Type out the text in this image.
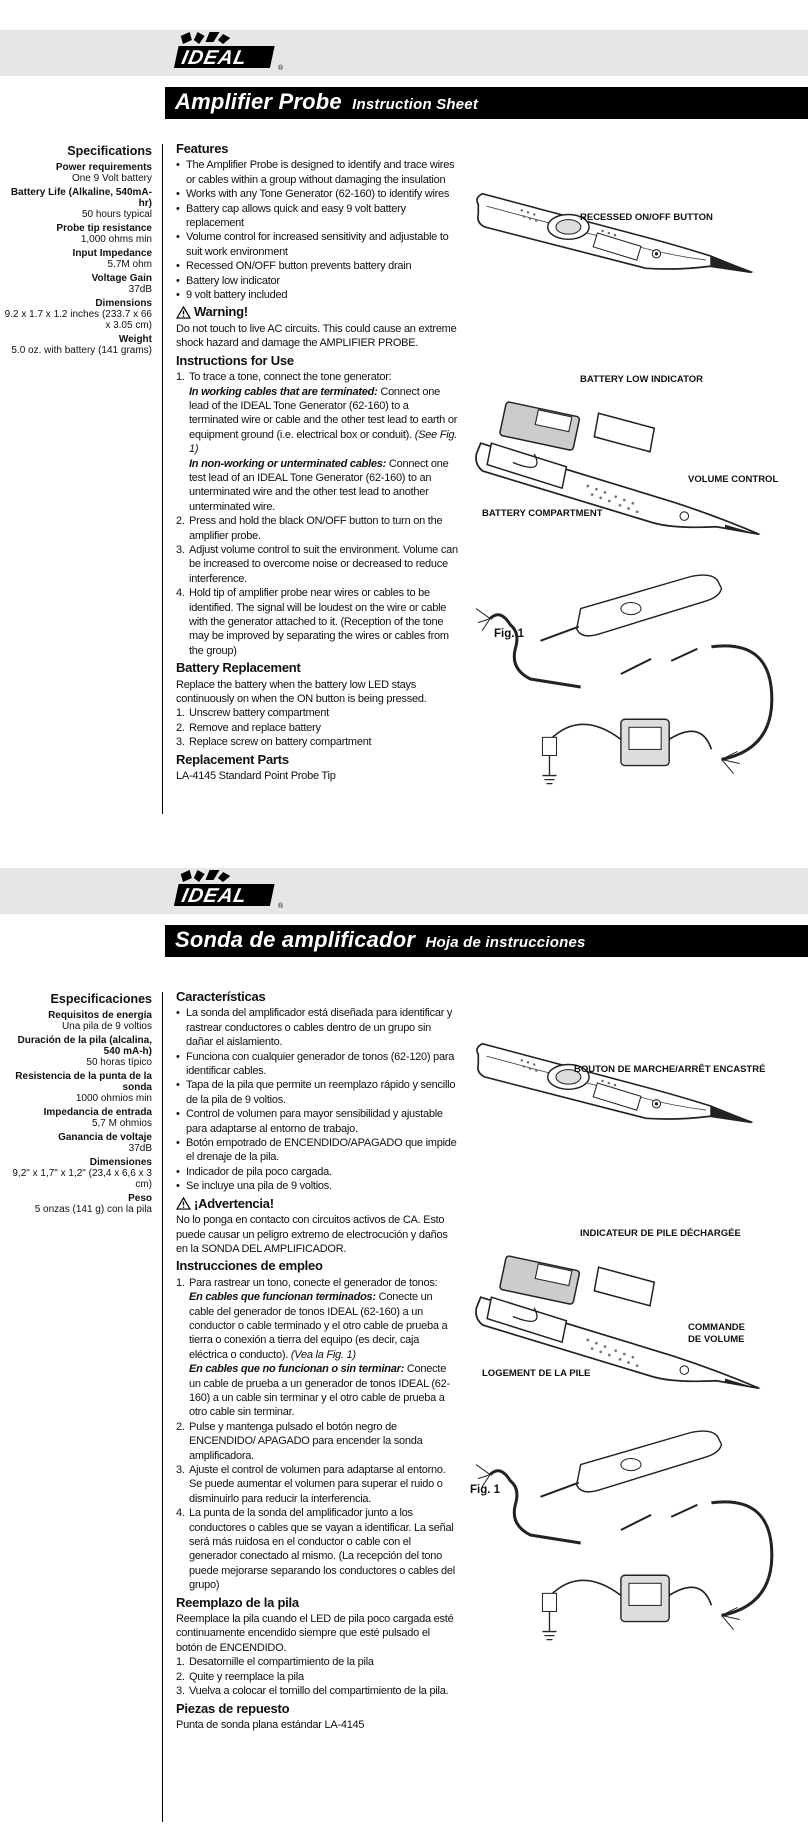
IDEAL	®
Amplifier Probe Instruction Sheet
Specifications
Power requirements
One 9 Volt battery
Battery Life (Alkaline, 540mA-hr)
50 hours typical
Probe tip resistance
1,000 ohms min
Input Impedance
5.7M ohm
Voltage Gain
37dB
Dimensions
9.2 x 1.7 x 1.2 inches (233.7 x 66 x 3.05 cm)
Weight
5.0 oz. with battery (141 grams)
Features
• The Amplifier Probe is designed to identify and trace wires or cables within a group without damaging the insulation
• Works with any Tone Generator (62-160) to identify wires
• Battery cap allows quick and easy 9 volt battery replacement
• Volume control for increased sensitivity and adjustable to suit work environment
• Recessed ON/OFF button prevents battery drain
• Battery low indicator
• 9 volt battery included
Warning!
Do not touch to live AC circuits. This could cause an extreme shock hazard and damage the AMPLIFIER PROBE.
Instructions for Use
1. To trace a tone, connect the tone generator:
In working cables that are terminated: Connect one lead of the IDEAL Tone Generator (62-160) to a terminated wire or cable and the other test lead to earth or equipment ground (i.e. electrical box or conduit). (See Fig. 1)
In non-working or unterminated cables: Connect one test lead of an IDEAL Tone Generator (62-160) to an unterminated wire and the other test lead to another unterminated wire.
2. Press and hold the black ON/OFF button to turn on the amplifier probe.
3. Adjust volume control to suit the environment. Volume can be increased to overcome noise or decreased to reduce interference.
4. Hold tip of amplifier probe near wires or cables to be identified. The signal will be loudest on the wire or cable with the generator attached to it. (Reception of the tone may be improved by separating the wires or cables from the group)
Battery Replacement
Replace the battery when the battery low LED stays continuously on when the ON button is being pressed.
1. Unscrew battery compartment
2. Remove and replace battery
3. Replace screw on battery compartment
Replacement Parts
LA-4145 Standard Point Probe Tip
RECESSED ON/OFF BUTTON
BATTERY LOW INDICATOR
VOLUME CONTROL
BATTERY COMPARTMENT
Fig. 1
IDEAL	®
Sonda de amplificador Hoja de instrucciones
Especificaciones
Requisitos de energía
Una pila de 9 voltios
Duración de la pila (alcalina, 540 mA-h)
50 horas típico
Resistencia de la punta de la sonda
1000 ohmios min
Impedancia de entrada
5,7 M ohmios
Ganancia de voltaje
37dB
Dimensiones
9,2" x 1,7" x 1,2" (23,4 x 6,6 x 3 cm)
Peso
5 onzas (141 g) con la pila
Características
• La sonda del amplificador está diseñada para identificar y rastrear conductores o cables dentro de un grupo sin dañar el aislamiento.
• Funciona con cualquier generador de tonos (62-120) para identificar cables.
• Tapa de la pila que permite un reemplazo rápido y sencillo de la pila de 9 voltios.
• Control de volumen para mayor sensibilidad y ajustable para adaptarse al entorno de trabajo.
• Botón empotrado de ENCENDIDO/APAGADO que impide el drenaje de la pila.
• Indicador de pila poco cargada.
• Se incluye una pila de 9 voltios.
¡Advertencia!
No lo ponga en contacto con circuitos activos de CA. Esto puede causar un peligro extremo de electrocución y daños en la SONDA DEL AMPLIFICADOR.
Instrucciones de empleo
1. Para rastrear un tono, conecte el generador de tonos:
En cables que funcionan terminados: Conecte un cable del generador de tonos IDEAL (62-160) a un conductor o cable terminado y el otro cable de prueba a tierra o conexión a tierra del equipo (es decir, caja eléctrica o conducto). (Vea la Fig. 1)
En cables que no funcionan o sin terminar: Conecte un cable de prueba a un generador de tonos IDEAL (62-160) a un cable sin terminar y el otro cable de prueba a otro cable sin terminar.
2. Pulse y mantenga pulsado el botón negro de ENCENDIDO/ APAGADO para encender la sonda amplificadora.
3. Ajuste el control de volumen para adaptarse al entorno. Se puede aumentar el volumen para superar el ruido o disminuirlo para reducir la interferencia.
4. La punta de la sonda del amplificador junto a los conductores o cables que se vayan a identificar. La señal será más ruidosa en el conductor o cable con el generador conectado al mismo. (La recepción del tono puede mejorarse separando los conductores o cables del grupo)
Reemplazo de la pila
Reemplace la pila cuando el LED de pila poco cargada esté continuamente encendido siempre que esté pulsado el botón de ENCENDIDO.
1. Desatornille el compartimiento de la pila
2. Quite y reemplace la pila
3. Vuelva a colocar el tornillo del compartimiento de la pila.
Piezas de repuesto
Punta de sonda plana estándar LA-4145
BOUTON DE MARCHE/ARRÊT ENCASTRÉ
INDICATEUR DE PILE DÉCHARGÉE
COMMANDE
DE VOLUME
LOGEMENT DE LA PILE
Fig. 1
